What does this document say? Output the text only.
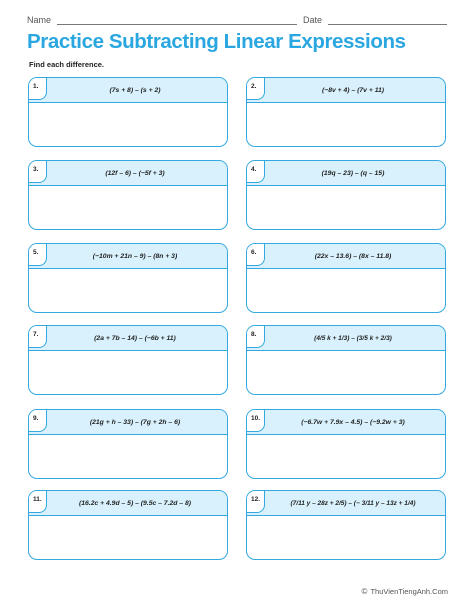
Name	Date
Practice Subtracting Linear Expressions
Find each difference.
1.	(7s + 8) – (s + 2)	2.	(−8v + 4) – (7v + 11)
3.	(12f – 6) – (−5f + 3)	4.	(19q – 23) – (q – 15)
5.	(−10m + 21n – 9) – (8n + 3)	6.	(22x – 13.6) – (8x – 11.8)
7.	(2a + 7b – 14) – (−6b + 11)	8.	(4/5 k + 1/3) – (3/5 k + 2/3)
9.	(21g + h – 33) – (7g + 2h – 6)	10.	(−6.7w + 7.9x – 4.5) – (−9.2w + 3)
11.	(16.2c + 4.9d – 5) – (9.5c – 7.2d – 8)	12.	(7/11 y – 28z + 2/5) – (− 3/11 y – 13z + 1/4)
© ThuVienTiengAnh.Com
